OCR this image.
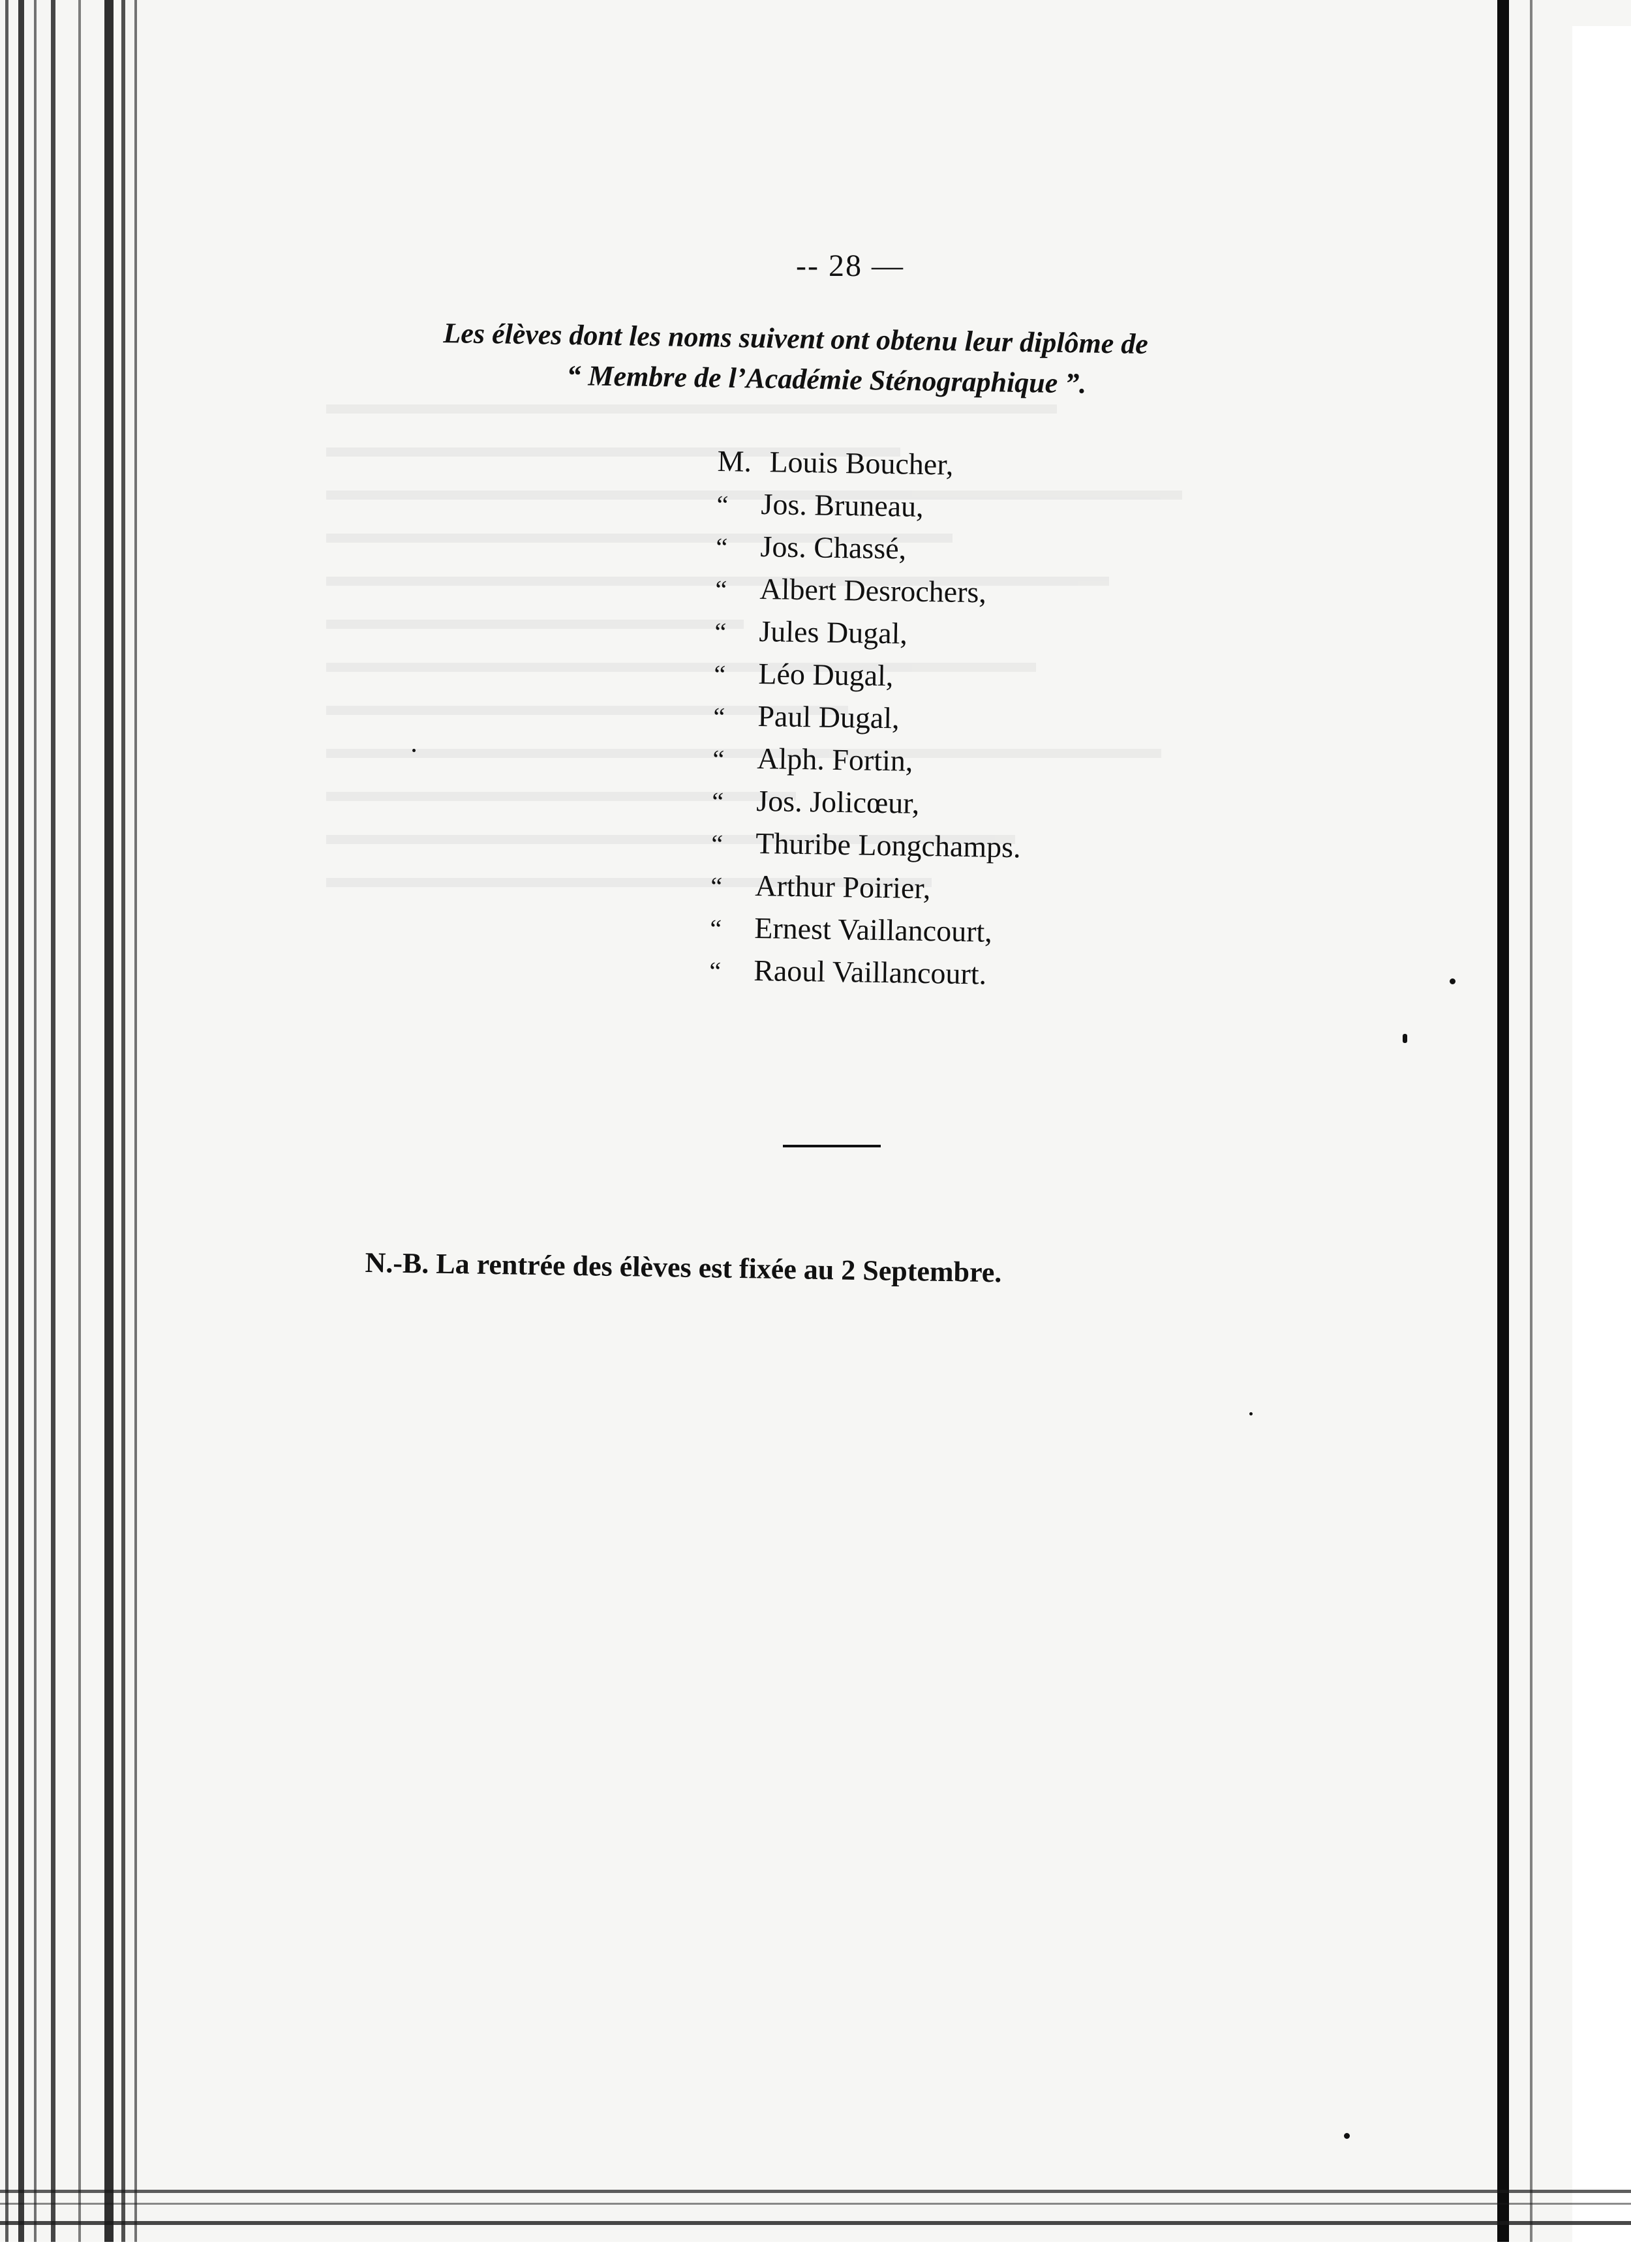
-- 28 —
Les élèves dont les noms suivent ont obtenu leur diplôme de
“ Membre de l’Académie Sténographique ”.
M. Louis Boucher,
“	Jos. Bruneau,
“	Jos. Chassé,
“	Albert Desrochers,
“	Jules Dugal,
“	Léo Dugal,
“	Paul Dugal,
“	Alph. Fortin,
“	Jos. Jolicœur,
“	Thuribe Longchamps.
“	Arthur Poirier,
“	Ernest Vaillancourt,
“	Raoul Vaillancourt.
N.-B. La rentrée des élèves est fixée au 2 Septembre.
